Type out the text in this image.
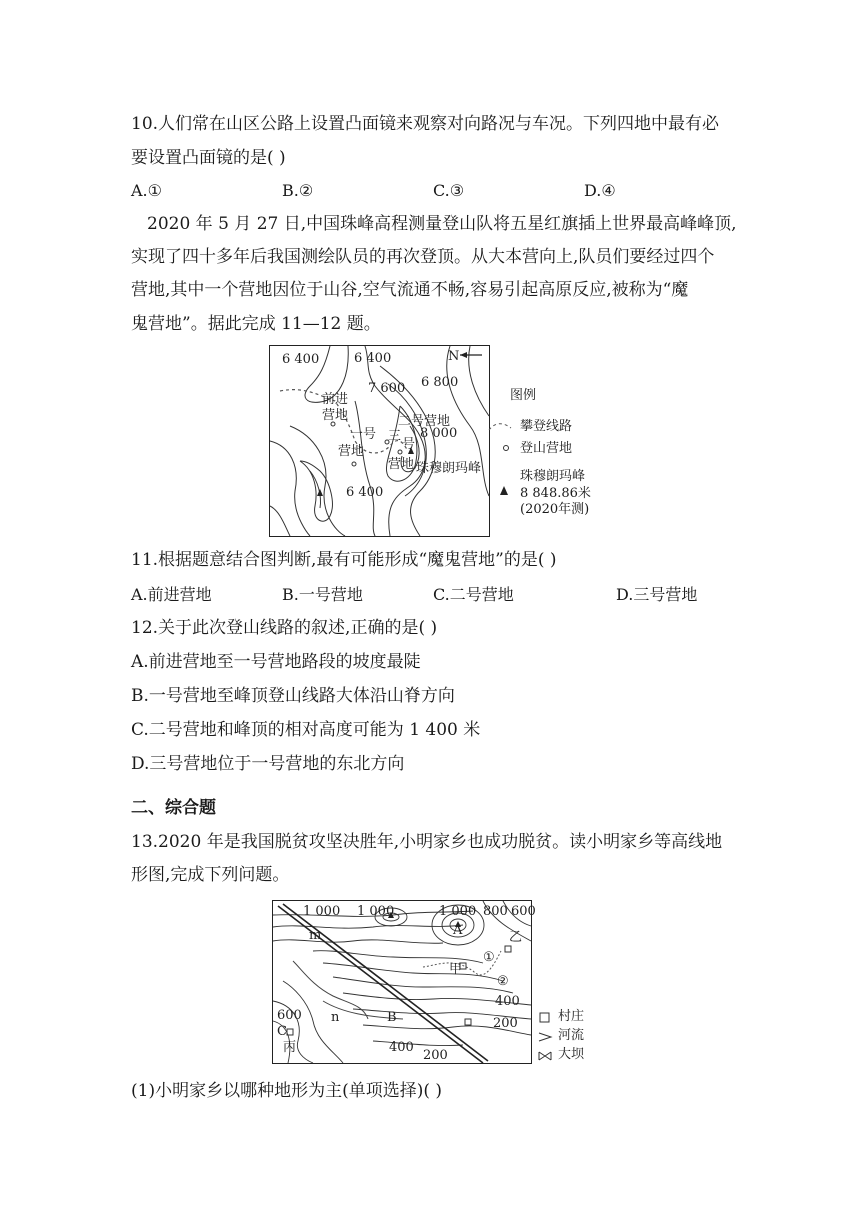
10.人们常在山区公路上设置凸面镜来观察对向路况与车况。下列四地中最有必
要设置凸面镜的是( )
A.①	B.②	C.③	D.④
2020 年 5 月 27 日,中国珠峰高程测量登山队将五星红旗插上世界最高峰峰顶,
实现了四十多年后我国测绘队员的再次登顶。从大本营向上,队员们要经过四个
营地,其中一个营地因位于山谷,空气流通不畅,容易引起高原反应,被称为“魔
鬼营地”。据此完成 11—12 题。
6 400	6 400
6 800
7 600
8 000
6 400
N
前进
营地
一号
营地
二号营地
三
号
营地 珠穆朗玛峰
图例
攀登线路
登山营地
珠穆朗玛峰
8 848.86米
(2020年测)
11.根据题意结合图判断,最有可能形成“魔鬼营地”的是( )
A.前进营地	B.一号营地	C.二号营地	D.三号营地
12.关于此次登山线路的叙述,正确的是( )
A.前进营地至一号营地路段的坡度最陡
B.一号营地至峰顶登山线路大体沿山脊方向
C.二号营地和峰顶的相对高度可能为 1 400 米
D.三号营地位于一号营地的东北方向
二、综合题
13.2020 年是我国脱贫攻坚决胜年,小明家乡也成功脱贫。读小明家乡等高线地
形图,完成下列问题。
1 000 1 000	1 000 800 600
A
m
甲
乙
①
②
400
600
C
丙
n	B	200
400
200
村庄
河流
大坝
(1)小明家乡以哪种地形为主(单项选择)( )
